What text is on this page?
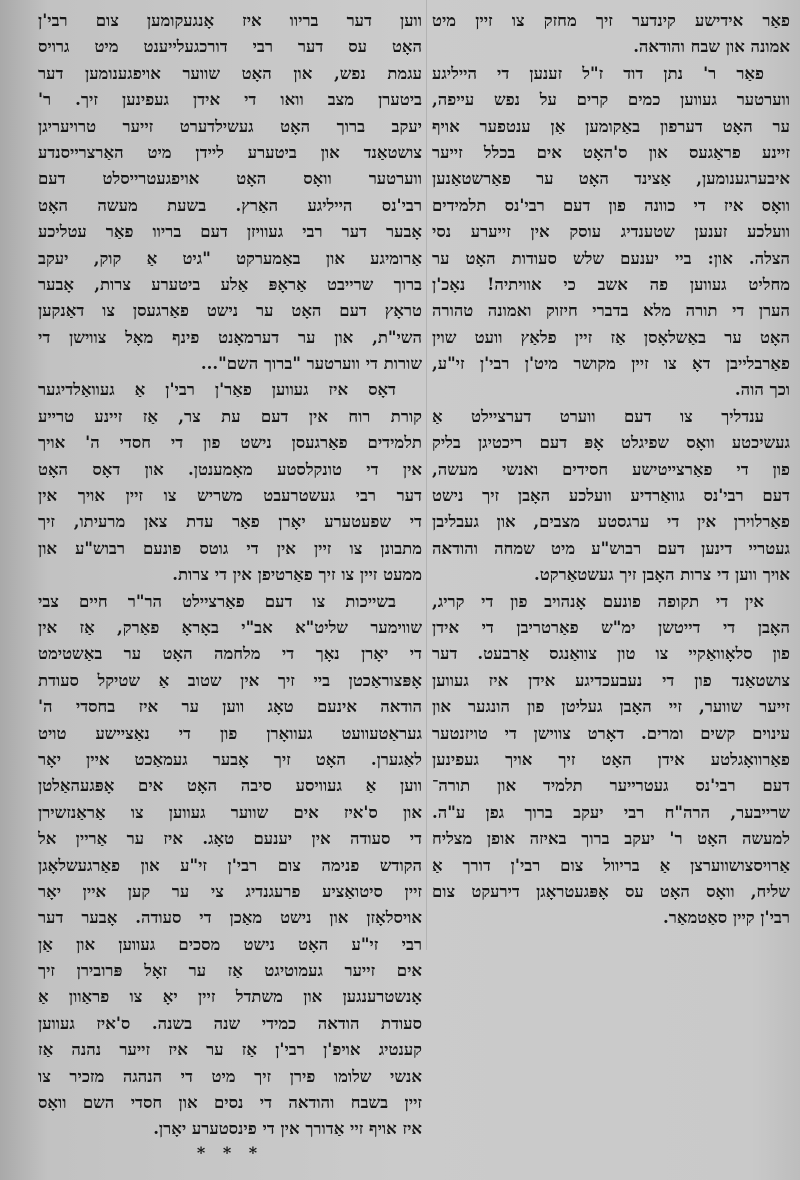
פאַר אידישע קינדער זיך מחזק צו זיין מיט
אמונה און שבח והודאה.
פאַר ר' נתן דוד ז"ל זענען די הייליגע
ווערטער געווען כמים קרים על נפש עייפה,
ער האָט דערפון באַקומען אַן ענטפער אויף
זיינע פראַגעס און ס'האָט אים בכלל זייער
איבערגענומען, אַצינד האָט ער פאַרשטאַנען
וואָס איז די כוונה פון דעם רבי'נס תלמידים
וועלכע זענען שטענדיג עוסק אין זייערע נסי
הצלה. און: ביי יענעם שלש סעודות האָט ער
מחליט געווען פה אשב כי אוויתיה! נאָכ'ן
הערן די תורה מלא בדברי חיזוק ואמונה טהורה
האָט ער באַשלאָסן אַז זיין פלאַץ וועט שוין
פאַרבלייבן דאָ צו זיין מקושר מיט'ן רבי'ן זי"ע,
וכך הוה.
ענדליך צו דעם ווערט דערציילט אַ
געשיכטע וואָס שפיגלט אָפּ דעם ריכטיגן בליק
פון די פאַרצייטישע חסידים ואנשי מעשה,
דעם רבי'נס גוואַרדיע וועלכע האָבן זיך נישט
פאַרלוירן אין די ערגסטע מצבים, און געבליבן
געטריי דינען דעם רבוש"ע מיט שמחה והודאה
אויך ווען די צרות האָבן זיך געשטאַרקט.
אין די תקופה פונעם אָנהויב פון די קריג,
האָבן די דייטשן ימ"ש פאַרטריבן די אידן
פון סלאָוואַקיי צו טון צוואַנגס אַרבעט. דער
צושטאַנד פון די נעבעכדיגע אידן איז געווען
זייער שווער, זיי האָבן געליטן פון הונגער און
עינוים קשים ומרים. דאָרט צווישן די טויזנטער
פאַרוואָגלטע אידן האָט זיך אויך געפינען
דעם רבי'נס געטרייער תלמיד און תורה־
שרייבער, הרה"ח רבי יעקב ברוך גפן ע"ה.
למעשה האָט ר' יעקב ברוך באיזה אופן מצליח
אַרויסצושווערצן אַ בריוול צום רבי'ן דורך אַ
שליח, וואָס האָט עס אָפּגעטראָגן דירעקט צום
רבי'ן קיין סאַטמאַר.
ווען דער בריוו איז אָנגעקומען צום רבי'ן
האָט עס דער רבי דורכגעלייענט מיט גרויס
עגמת נפש, און האָט שווער אויפגענומען דער
ביטערן מצב וואו די אידן געפינען זיך. ר'
יעקב ברוך האָט געשילדערט זייער טרויעריגן
צושטאַנד און ביטערע ליידן מיט האַרצרייסנדע
ווערטער וואָס האָט אויפגעטרייסלט דעם
רבי'נס הייליגע האַרץ. בשעת מעשה האָט
אָבער דער רבי געוויזן דעם בריוו פאַר עטליכע
אַרומיגע און באַמערקט "גיט אַ קוק, יעקב
ברוך שרייבט אַראָפּ אַלע ביטערע צרות, אָבער
טראָץ דעם האָט ער נישט פאַרגעסן צו דאַנקען
השי"ת, און ער דערמאָנט פינף מאָל צווישן די
שורות די ווערטער "ברוך השם"...
דאָס איז געווען פאַר'ן רבי'ן אַ געוואַלדיגער
קורת רוח אין דעם עת צר, אַז זיינע טרייע
תלמידים פאַרגעסן נישט פון די חסדי ה' אויך
אין די טונקלסטע מאָמענטן. און דאָס האָט
דער רבי געשטרעבט משריש צו זיין אויך אין
די שפעטערע יאָרן פאַר עדת צאן מרעיתו, זיך
מתבונן צו זיין אין די גוטס פונעם רבוש"ע און
ממעט זיין צו זיך פאַרטיפן אין די צרות.
בשייכות צו דעם פאַרציילט הר"ר חיים צבי
שווימער שליט"א אב"י באָראָ פאַרק, אַז אין
די יאָרן נאָך די מלחמה האָט ער באַשטימט
אָפּצוראַכטן ביי זיך אין שטוב אַ שטיקל סעודת
הודאה אינעם טאָג ווען ער איז בחסדי ה'
געראַטעוועט געוואָרן פון די נאַציישע טויט
לאַגערן. האָט זיך אָבער געמאַכט איין יאָר
ווען אַ געוויסע סיבה האָט אים אָפּגעהאַלטן
און ס'איז אים שווער געווען צו אַראַנזשירן
די סעודה אין יענעם טאָג. איז ער אַריין אל
הקודש פנימה צום רבי'ן זי"ע און פאַרגעשלאָגן
זיין סיטואַציע פרעגנדיג צי ער קען איין יאָר
אויסלאָזן און נישט מאַכן די סעודה. אָבער דער
רבי זי"ע האָט נישט מסכים געווען און אַן
אים זייער געמוטיגט אַז ער זאָל פּרובירן זיך
אָנשטרענגען און משתדל זיין יאָ צו פראַוון אַ
סעודת הודאה כמידי שנה בשנה. ס'איז געווען
קענטיג אויפ'ן רבי'ן אַז ער איז זייער נהנה אַז
אנשי שלומו פירן זיך מיט די הנהגה מזכיר צו
זיין בשבח והודאה די נסים און חסדי השם וואָס
איז אויף זיי אַדורך אין די פינסטערע יאָרן.
* * *
